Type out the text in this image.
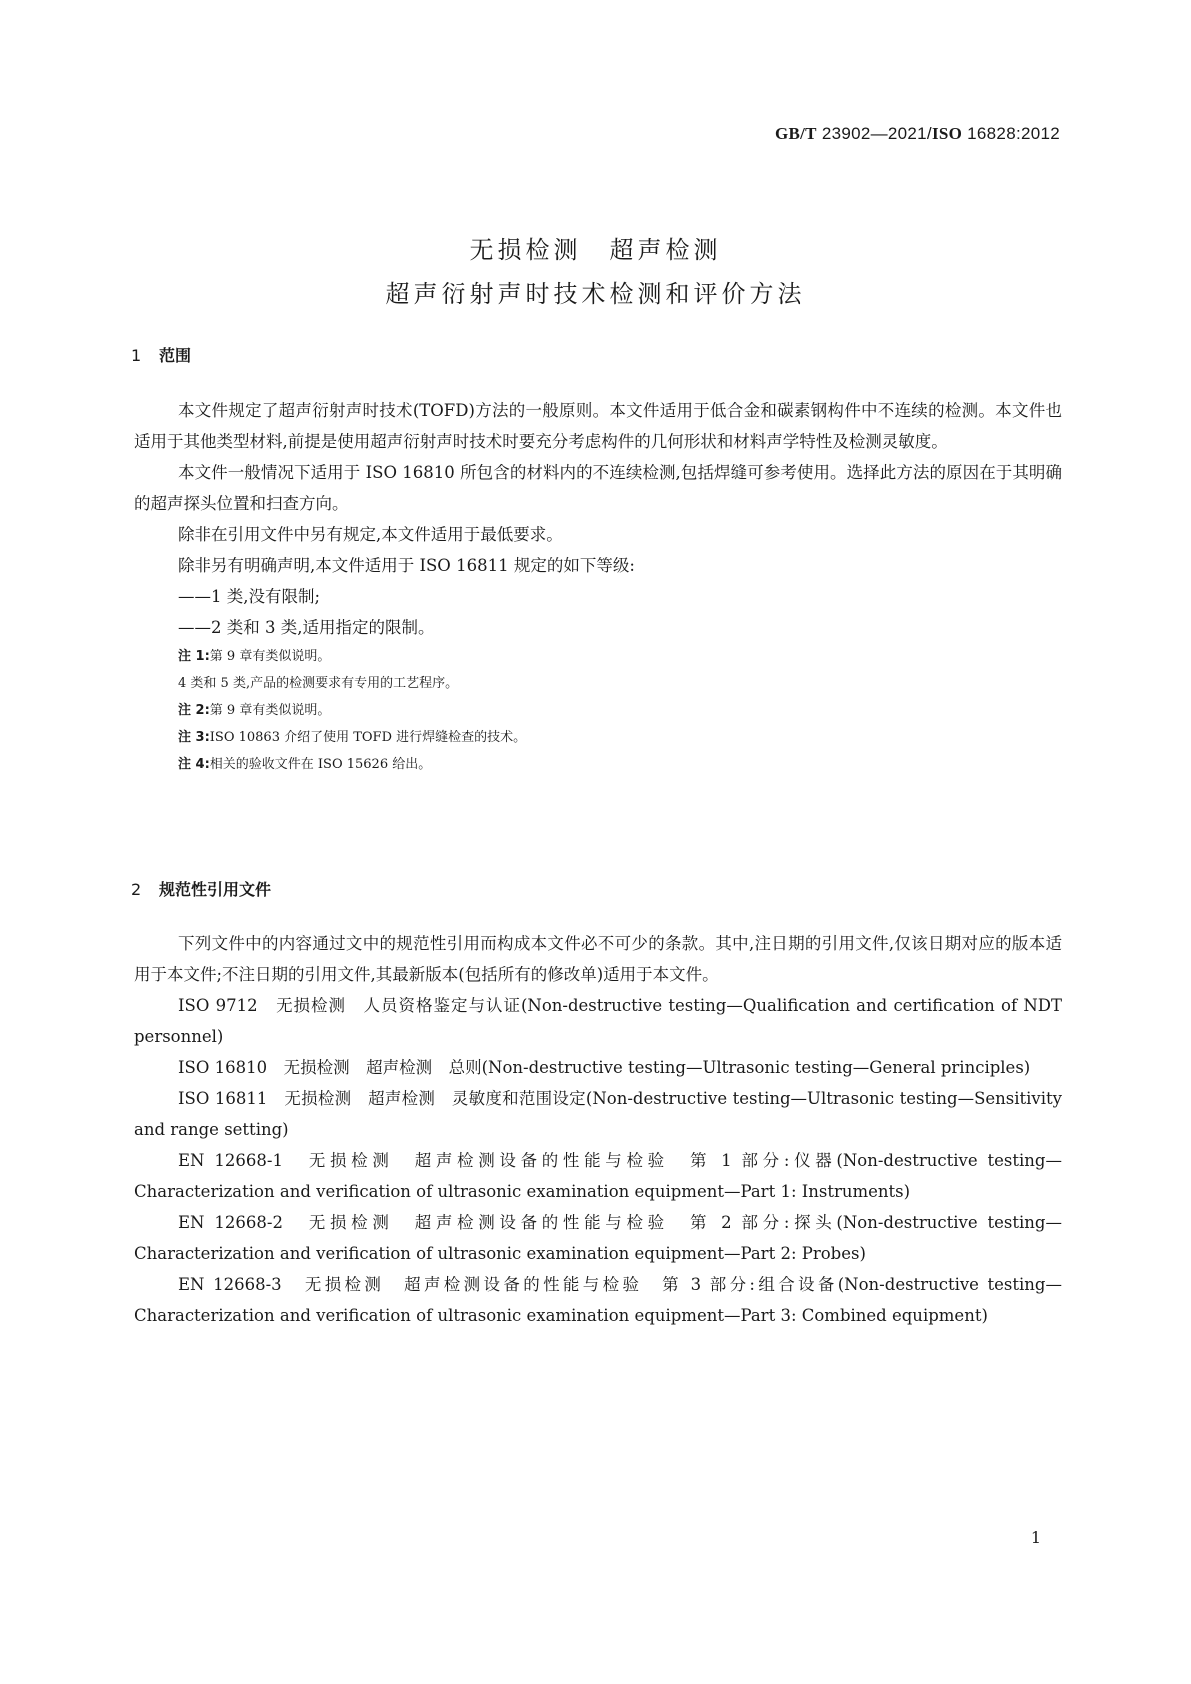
GB/T 23902—2021/ISO 16828:2012
无损检测　超声检测
超声衍射声时技术检测和评价方法
1 范围

本文件规定了超声衍射声时技术(TOFD)方法的一般原则。本文件适用于低合金和碳素钢构件中不连续的检测。本文件也适用于其他类型材料,前提是使用超声衍射声时技术时要充分考虑构件的几何形状和材料声学特性及检测灵敏度。

本文件一般情况下适用于 ISO 16810 所包含的材料内的不连续检测,包括焊缝可参考使用。选择此方法的原因在于其明确的超声探头位置和扫查方向。

除非在引用文件中另有规定,本文件适用于最低要求。

除非另有明确声明,本文件适用于 ISO 16811 规定的如下等级:

——1 类,没有限制;

——2 类和 3 类,适用指定的限制。

注 1:第 9 章有类似说明。

4 类和 5 类,产品的检测要求有专用的工艺程序。

注 2:第 9 章有类似说明。

注 3:ISO 10863 介绍了使用 TOFD 进行焊缝检查的技术。

注 4:相关的验收文件在 ISO 15626 给出。

2 规范性引用文件

下列文件中的内容通过文中的规范性引用而构成本文件必不可少的条款。其中,注日期的引用文件,仅该日期对应的版本适用于本文件;不注日期的引用文件,其最新版本(包括所有的修改单)适用于本文件。

ISO 9712　无损检测　人员资格鉴定与认证(Non-destructive testing—Qualification and certification of NDT personnel)

ISO 16810　无损检测　超声检测　总则(Non-destructive testing—Ultrasonic testing—General principles)

ISO 16811　无损检测　超声检测　灵敏度和范围设定(Non-destructive testing—Ultrasonic testing—Sensitivity and range setting)

EN 12668-1　无损检测　超声检测设备的性能与检验　第 1 部分:仪器(Non-destructive testing—Characterization and verification of ultrasonic examination equipment—Part 1: Instruments)

EN 12668-2　无损检测　超声检测设备的性能与检验　第 2 部分:探头(Non-destructive testing—Characterization and verification of ultrasonic examination equipment—Part 2: Probes)

EN 12668-3　无损检测　超声检测设备的性能与检验　第 3 部分:组合设备(Non-destructive testing—Characterization and verification of ultrasonic examination equipment—Part 3: Combined equipment)

1
